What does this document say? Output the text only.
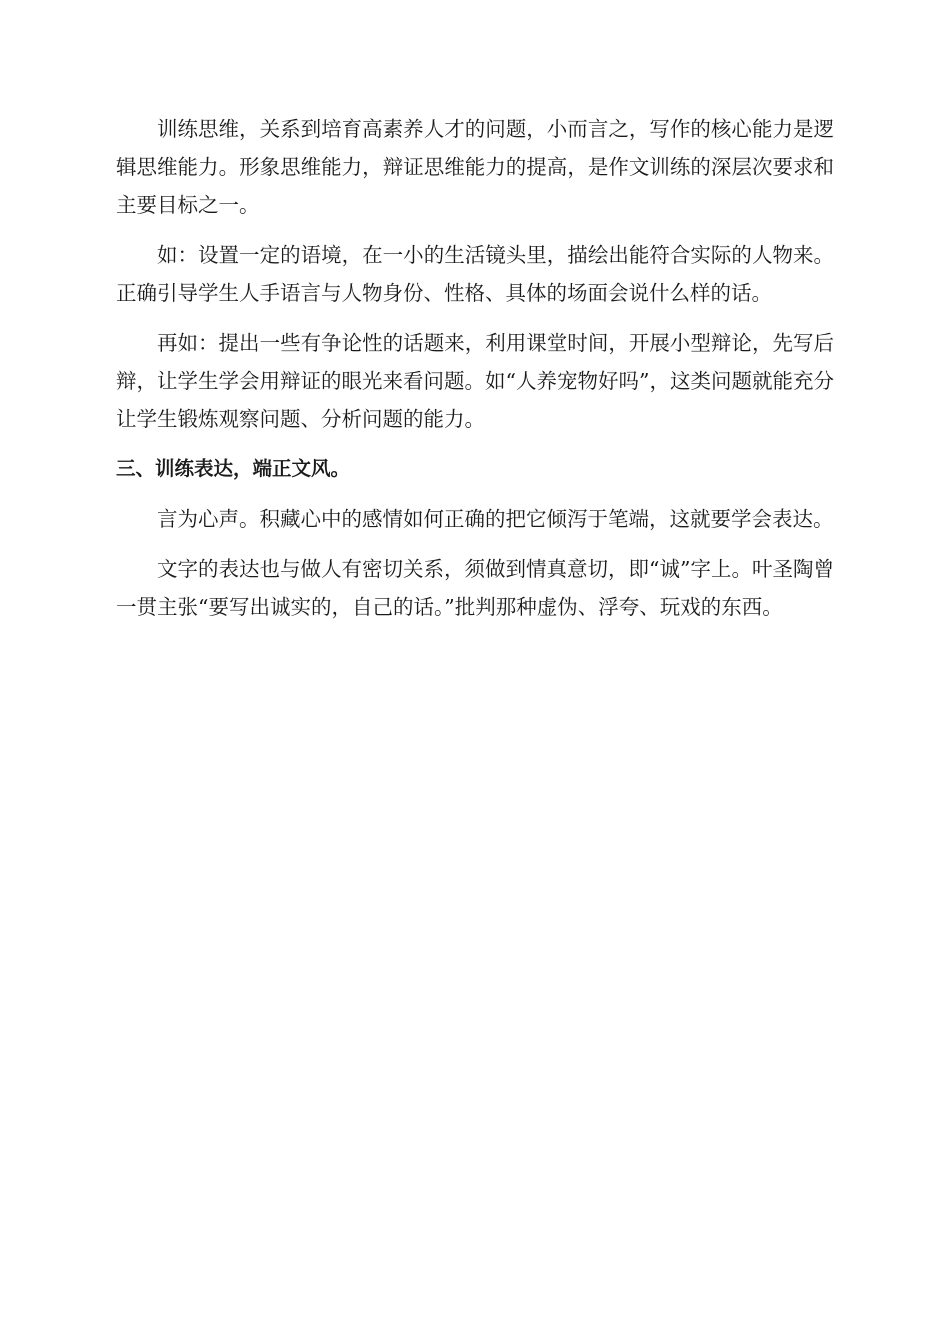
训练思维，关系到培育高素养人才的问题，小而言之，写作的核心能力是逻辑思维能力。形象思维能力，辩证思维能力的提高，是作文训练的深层次要求和主要目标之一。

如：设置一定的语境，在一小的生活镜头里，描绘出能符合实际的人物来。正确引导学生人手语言与人物身份、性格、具体的场面会说什么样的话。

再如：提出一些有争论性的话题来，利用课堂时间，开展小型辩论，先写后辩，让学生学会用辩证的眼光来看问题。如“人养宠物好吗”，这类问题就能充分让学生锻炼观察问题、分析问题的能力。

三、训练表达，端正文风。

言为心声。积藏心中的感情如何正确的把它倾泻于笔端，这就要学会表达。

文字的表达也与做人有密切关系，须做到情真意切，即“诚”字上。叶圣陶曾一贯主张“要写出诚实的，自己的话。”批判那种虚伪、浮夸、玩戏的东西。
